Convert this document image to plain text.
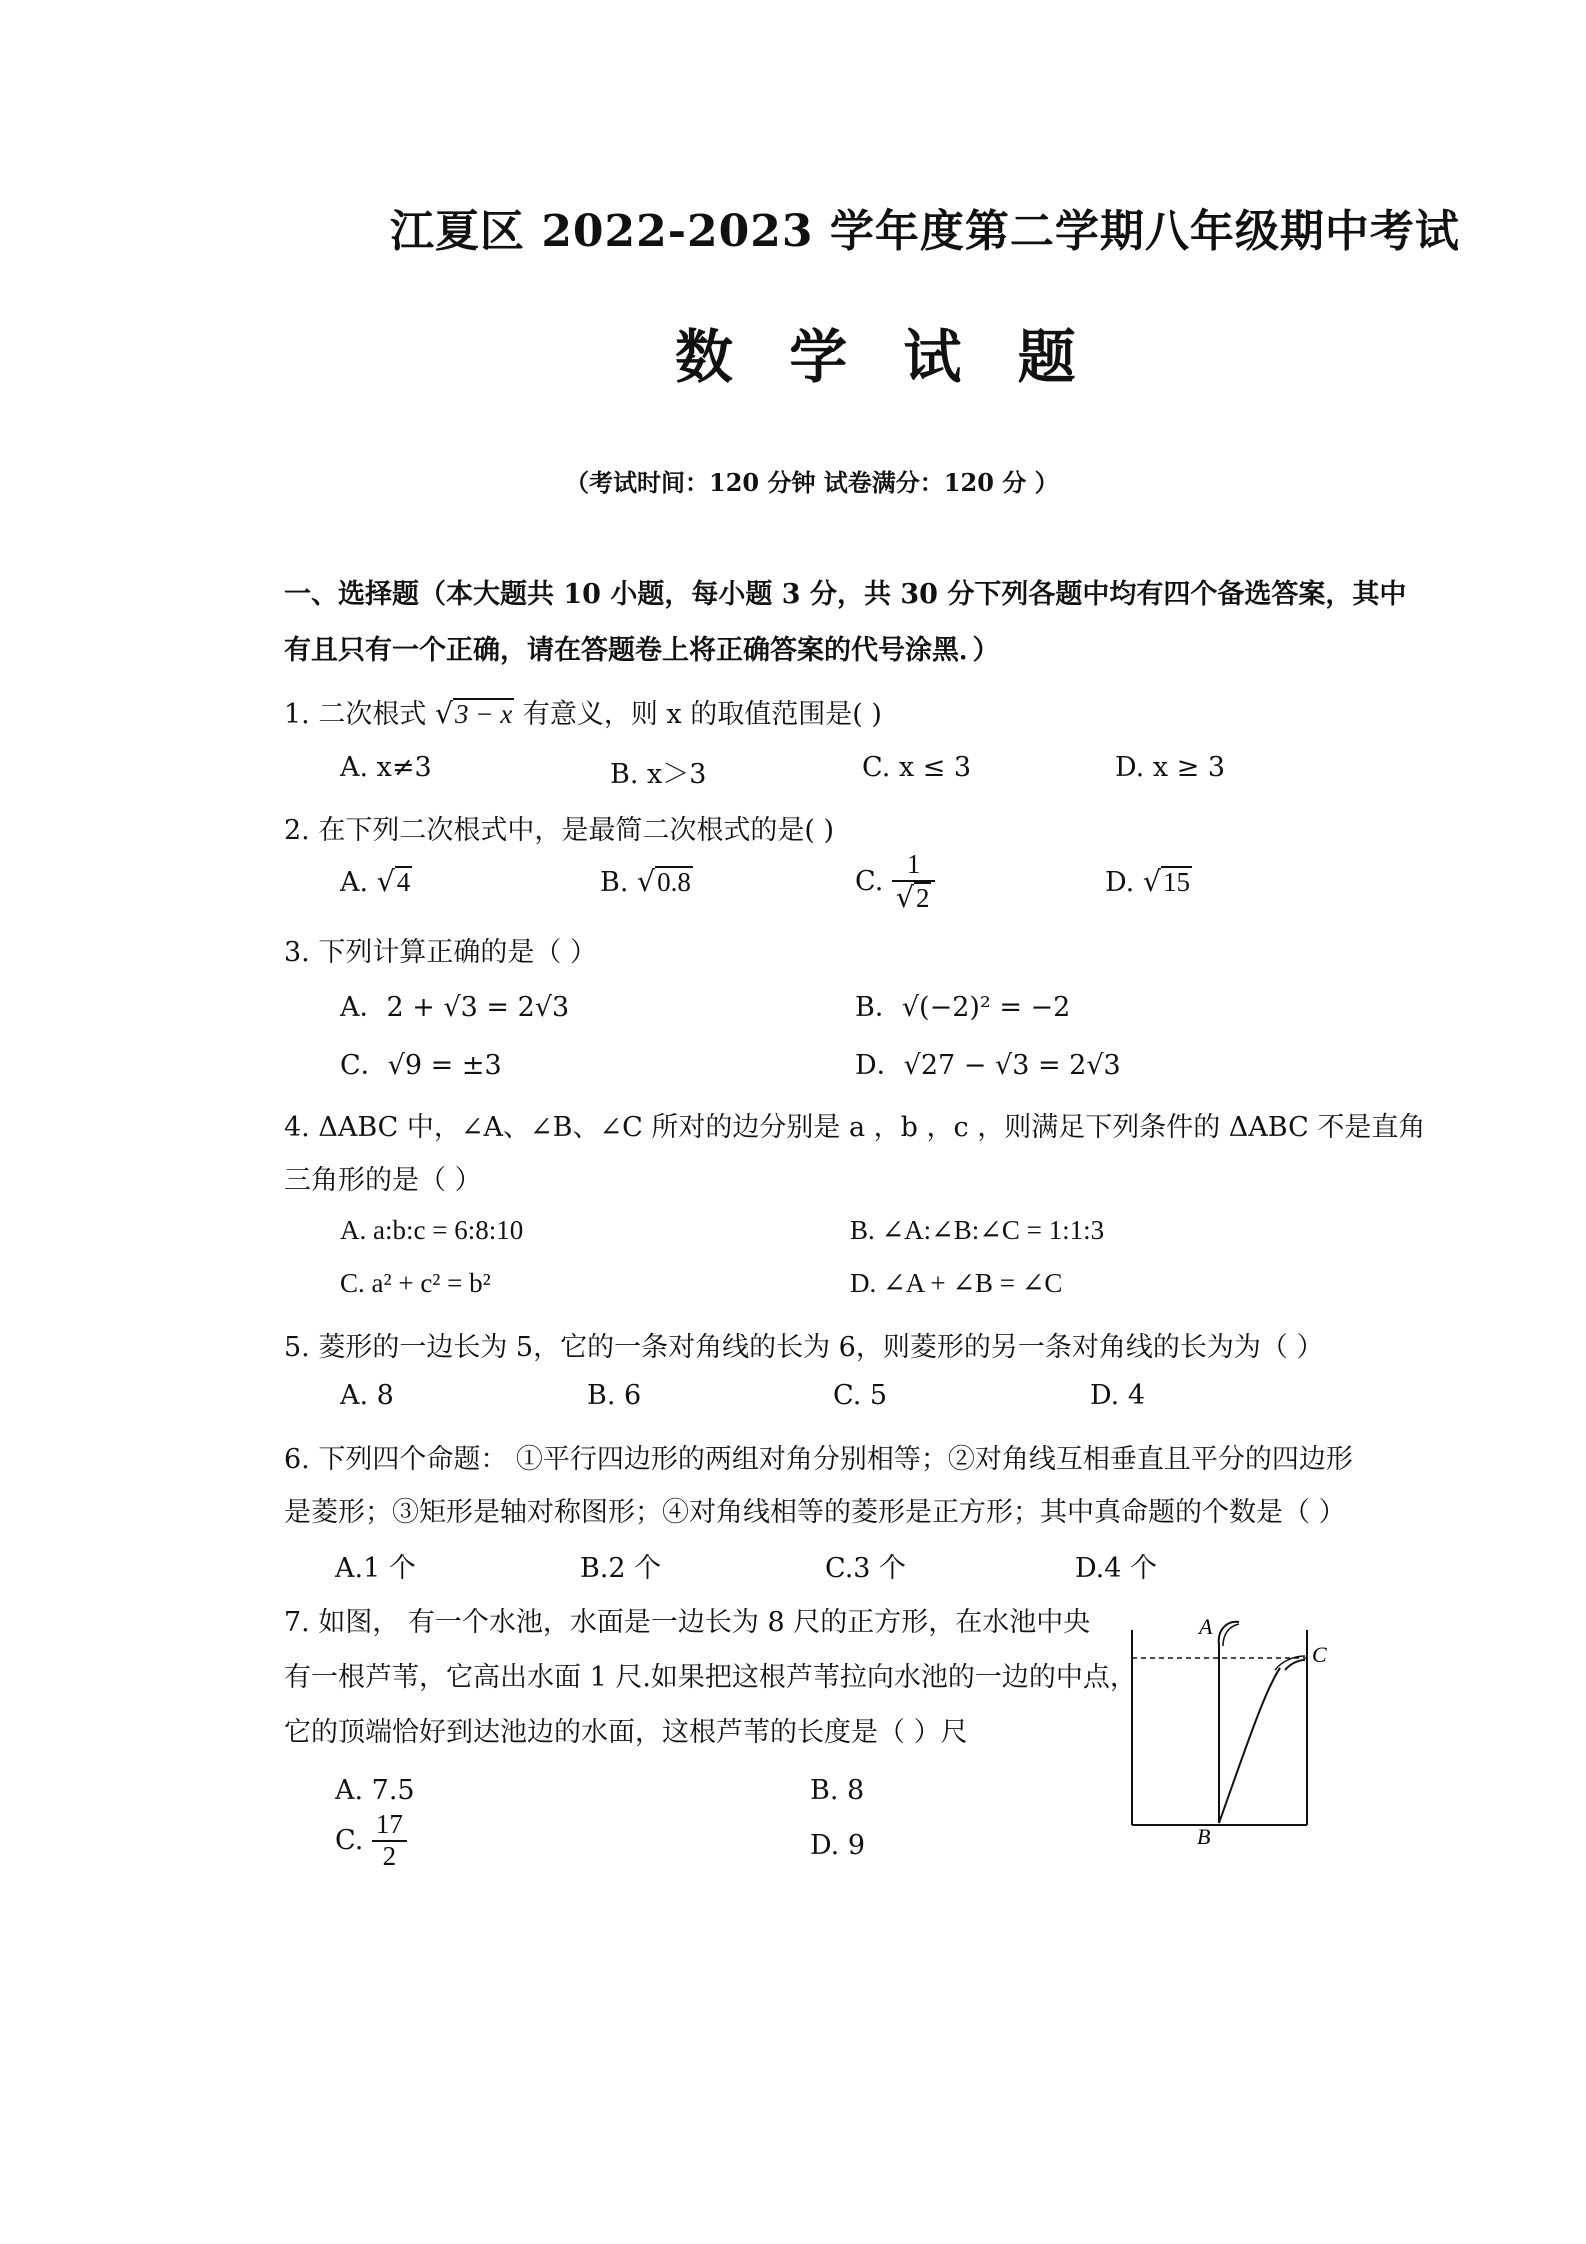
江夏区 2022-2023 学年度第二学期八年级期中考试
数 学 试 题
（考试时间：120 分钟 试卷满分：120 分 ）
一、选择题（本大题共 10 小题，每小题 3 分，共 30 分下列各题中均有四个备选答案，其中
有且只有一个正确，请在答题卷上将正确答案的代号涂黑．）
1. 二次根式 √3 − x 有意义，则 x 的取值范围是( )
A. x≠3	B. x＞3	C. x ≤ 3	D. x ≥ 3
2. 在下列二次根式中，是最简二次根式的是( )
A. √4	B. √0.8	C. $\frac{1}{√2}$	D. √15
3. 下列计算正确的是（ ）
A．2 + √3 = 2√3	B．√(−2)² = −2
C．√9 = ±3	D．√27 − √3 = 2√3
4. ΔABC 中，∠A、∠B、∠C 所对的边分别是 a ，b ，c ，则满足下列条件的 ΔABC 不是直角
三角形的是（ ）
A. a:b:c = 6:8:10	B. ∠A:∠B:∠C = 1:1:3
C. a² + c² = b²	D. ∠A + ∠B = ∠C
5. 菱形的一边长为 5，它的一条对角线的长为 6，则菱形的另一条对角线的长为为（ ）
A. 8	B. 6	C. 5	D. 4
6. 下列四个命题： ①平行四边形的两组对角分别相等；②对角线互相垂直且平分的四边形
是菱形；③矩形是轴对称图形；④对角线相等的菱形是正方形；其中真命题的个数是（ ）
A.1 个	B.2 个	C.3 个	D.4 个
7. 如图， 有一个水池，水面是一边长为 8 尺的正方形，在水池中央
有一根芦苇，它高出水面 1 尺.如果把这根芦苇拉向水池的一边的中点，
它的顶端恰好到达池边的水面，这根芦苇的长度是（ ）尺
A. 7.5	B. 8
C. $\frac{17}{2}$	D. 9
A
B
C
